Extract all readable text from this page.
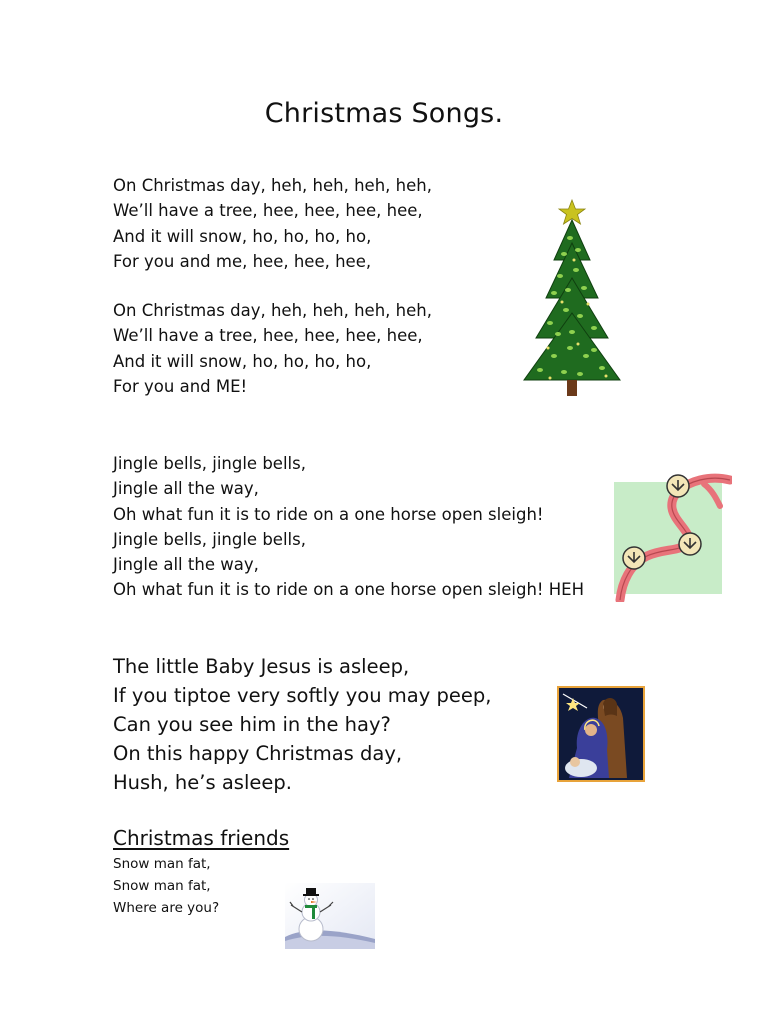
Christmas Songs.
On Christmas day, heh, heh, heh, heh,
We’ll have a tree, hee, hee, hee, hee,
And it will snow, ho, ho, ho, ho,
For you and me, hee, hee, hee,
On Christmas day, heh, heh, heh, heh,
We’ll have a tree, hee, hee, hee, hee,
And it will snow, ho, ho, ho, ho,
For you and ME!
Jingle bells, jingle bells,
Jingle all the way,
Oh what fun it is to ride on a one horse open sleigh!
Jingle bells, jingle bells,
Jingle all the way,
Oh what fun it is to ride on a one horse open sleigh! HEH
The little Baby Jesus is asleep,
If you tiptoe very softly you may peep,
Can you see him in the hay?
On this happy Christmas day,
Hush, he’s asleep.
Christmas friends
Snow man fat,
Snow man fat,
Where are you?
